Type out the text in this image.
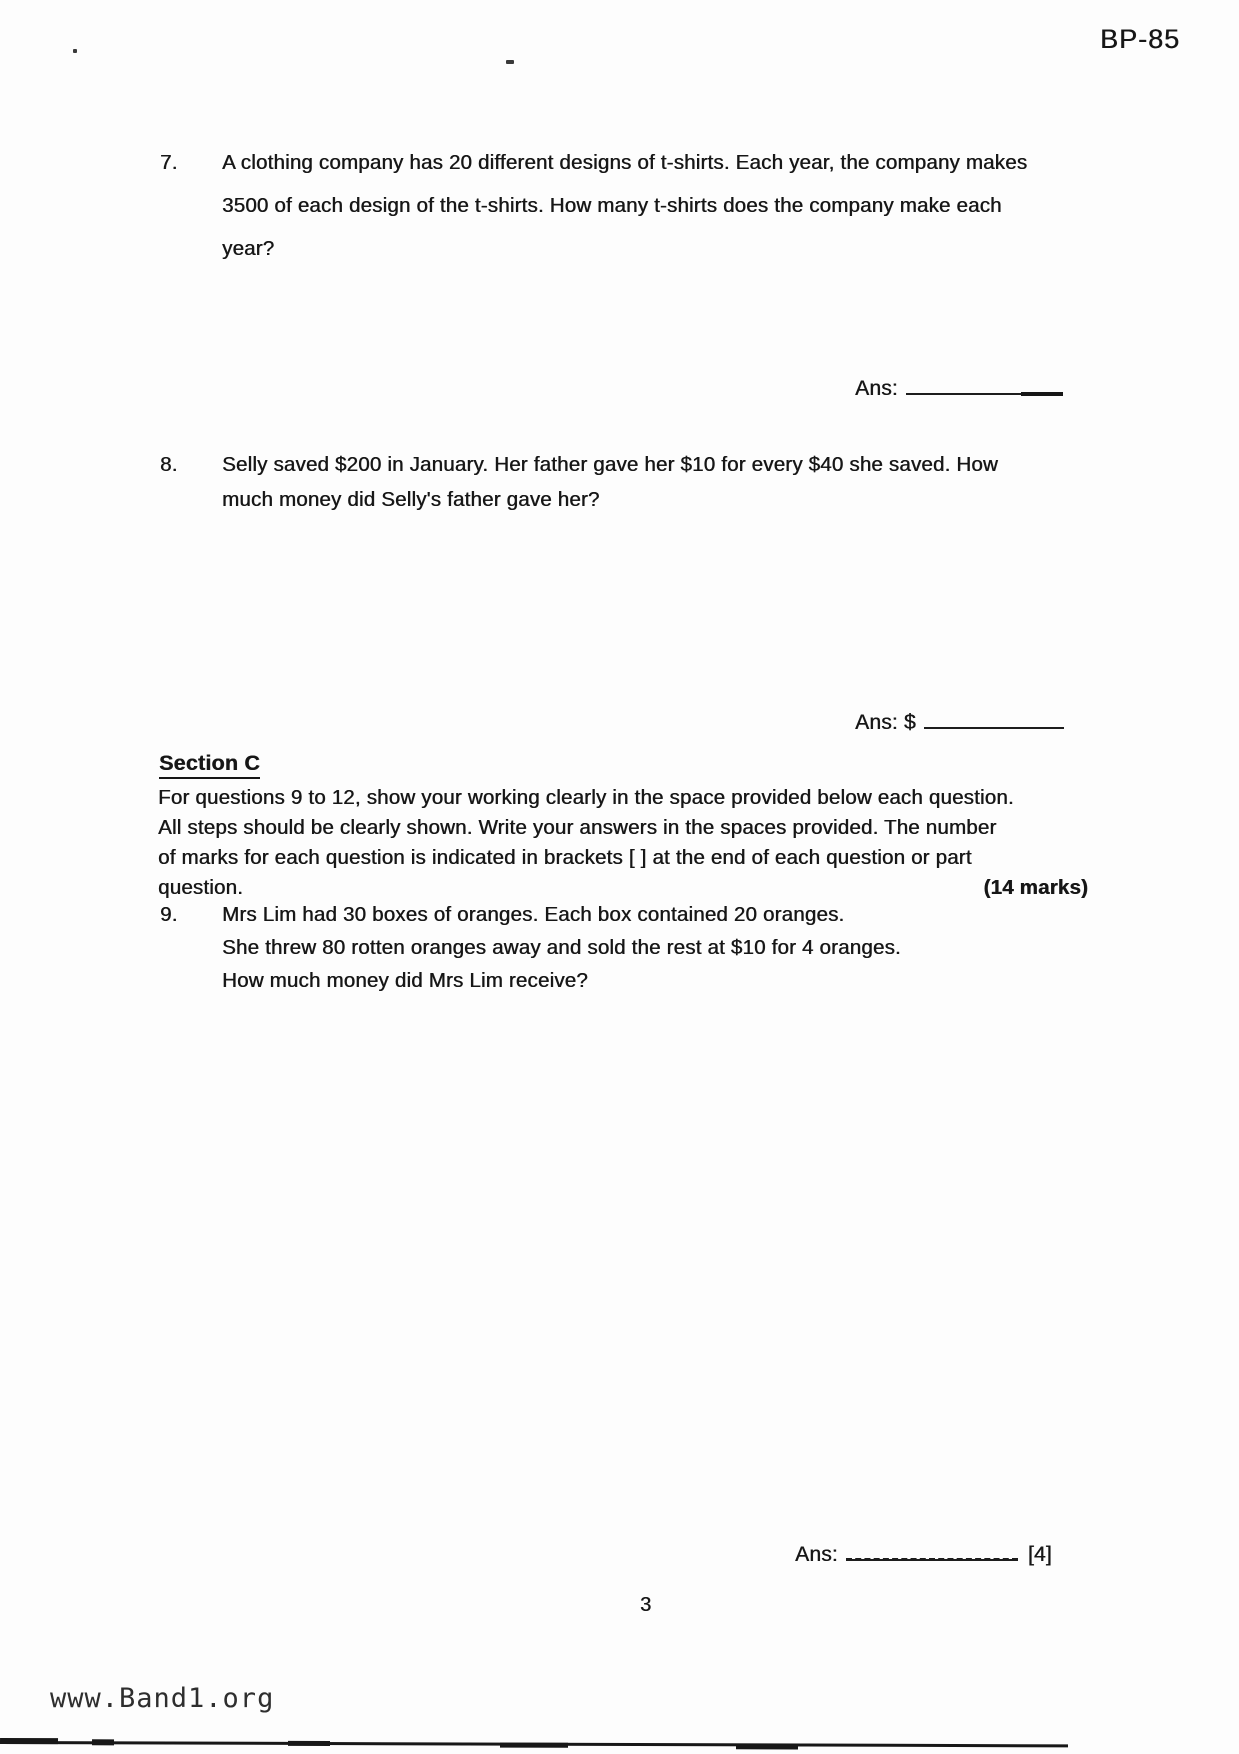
BP-85
7.	A clothing company has 20 different designs of t-shirts. Each year, the company makes
3500 of each design of the t-shirts. How many t-shirts does the company make each
year?
Ans:
8.	Selly saved $200 in January. Her father gave her $10 for every $40 she saved. How
much money did Selly's father gave her?
Ans: $
Section C
For questions 9 to 12, show your working clearly in the space provided below each question.
All steps should be clearly shown. Write your answers in the spaces provided. The number
of marks for each question is indicated in brackets [ ] at the end of each question or part
question.	(14 marks)
9.	Mrs Lim had 30 boxes of oranges. Each box contained 20 oranges.
She threw 80 rotten oranges away and sold the rest at $10 for 4 oranges.
How much money did Mrs Lim receive?
Ans:	[4]
3
www.Band1.org
